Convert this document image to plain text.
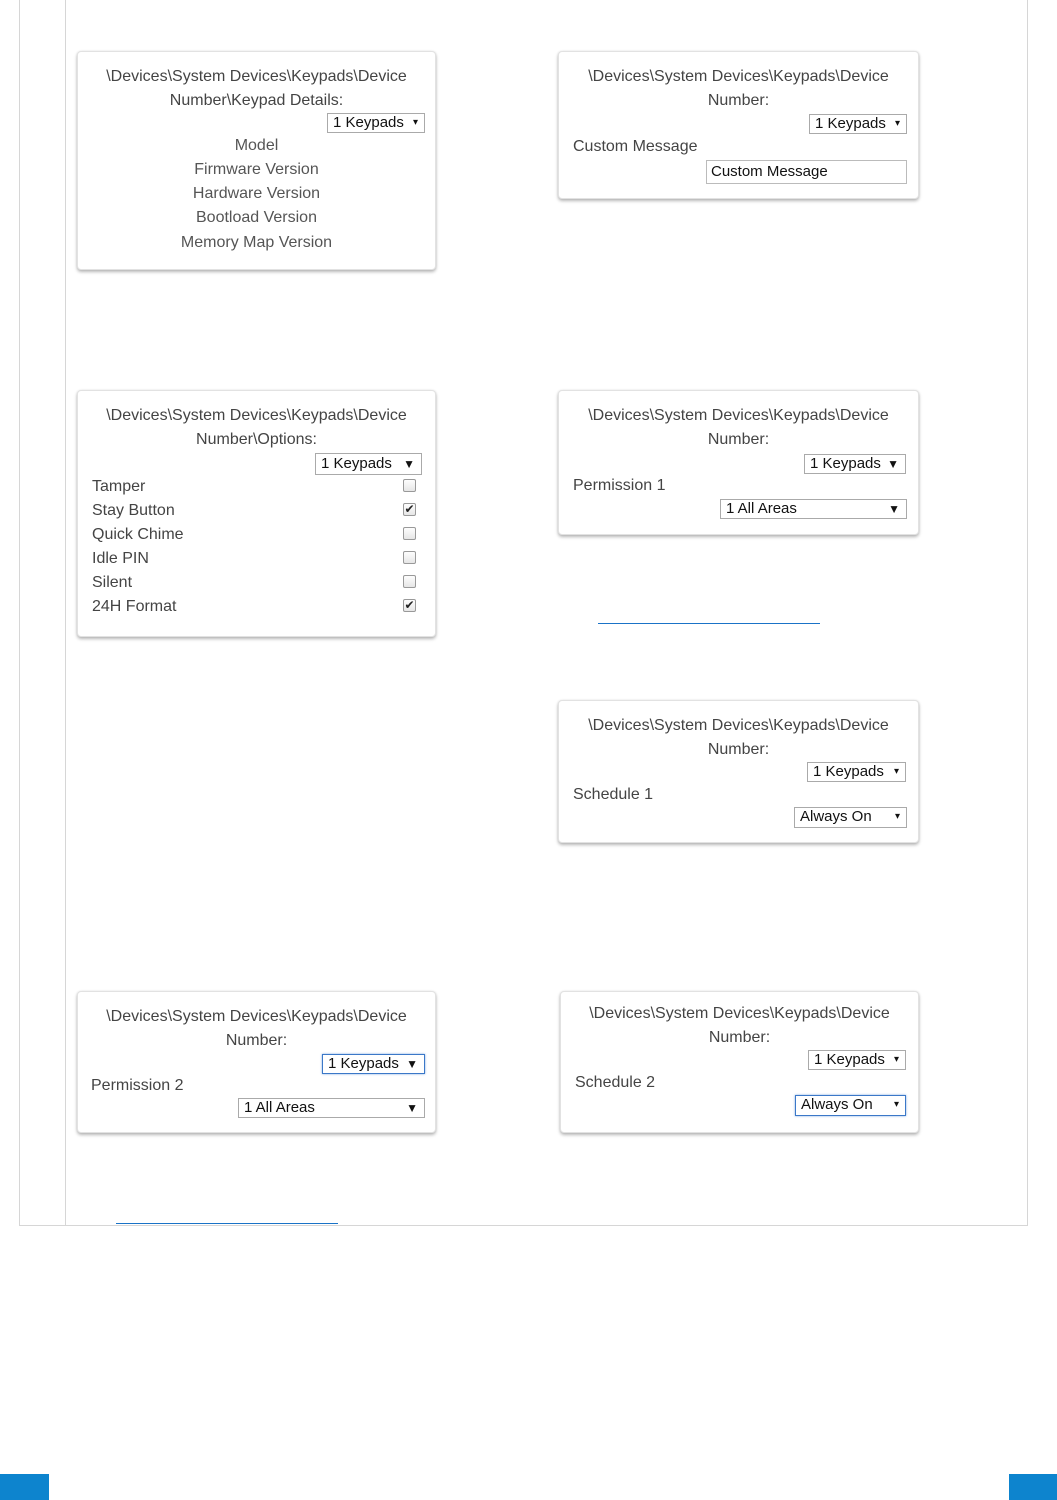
\Devices\System Devices\Keypads\Device
Number\Keypad Details:
1 Keypads ▾
Model
Firmware Version
Hardware Version
Bootload Version
Memory Map Version
\Devices\System Devices\Keypads\Device
Number:
1 Keypads ▾
Custom Message
Custom Message
\Devices\System Devices\Keypads\Device
Number\Options:
1 Keypads ▼
Tamper
Stay Button	✔
Quick Chime
Idle PIN
Silent
24H Format	✔
\Devices\System Devices\Keypads\Device
Number:
1 Keypads ▼
Permission 1
1 All Areas	▼
\Devices\System Devices\Keypads\Device
Number:
1 Keypads ▾
Schedule 1
Always On ▾
\Devices\System Devices\Keypads\Device
Number:
1 Keypads ▼
Permission 2
1 All Areas	▼
\Devices\System Devices\Keypads\Device
Number:
1 Keypads ▾
Schedule 2
Always On ▾
